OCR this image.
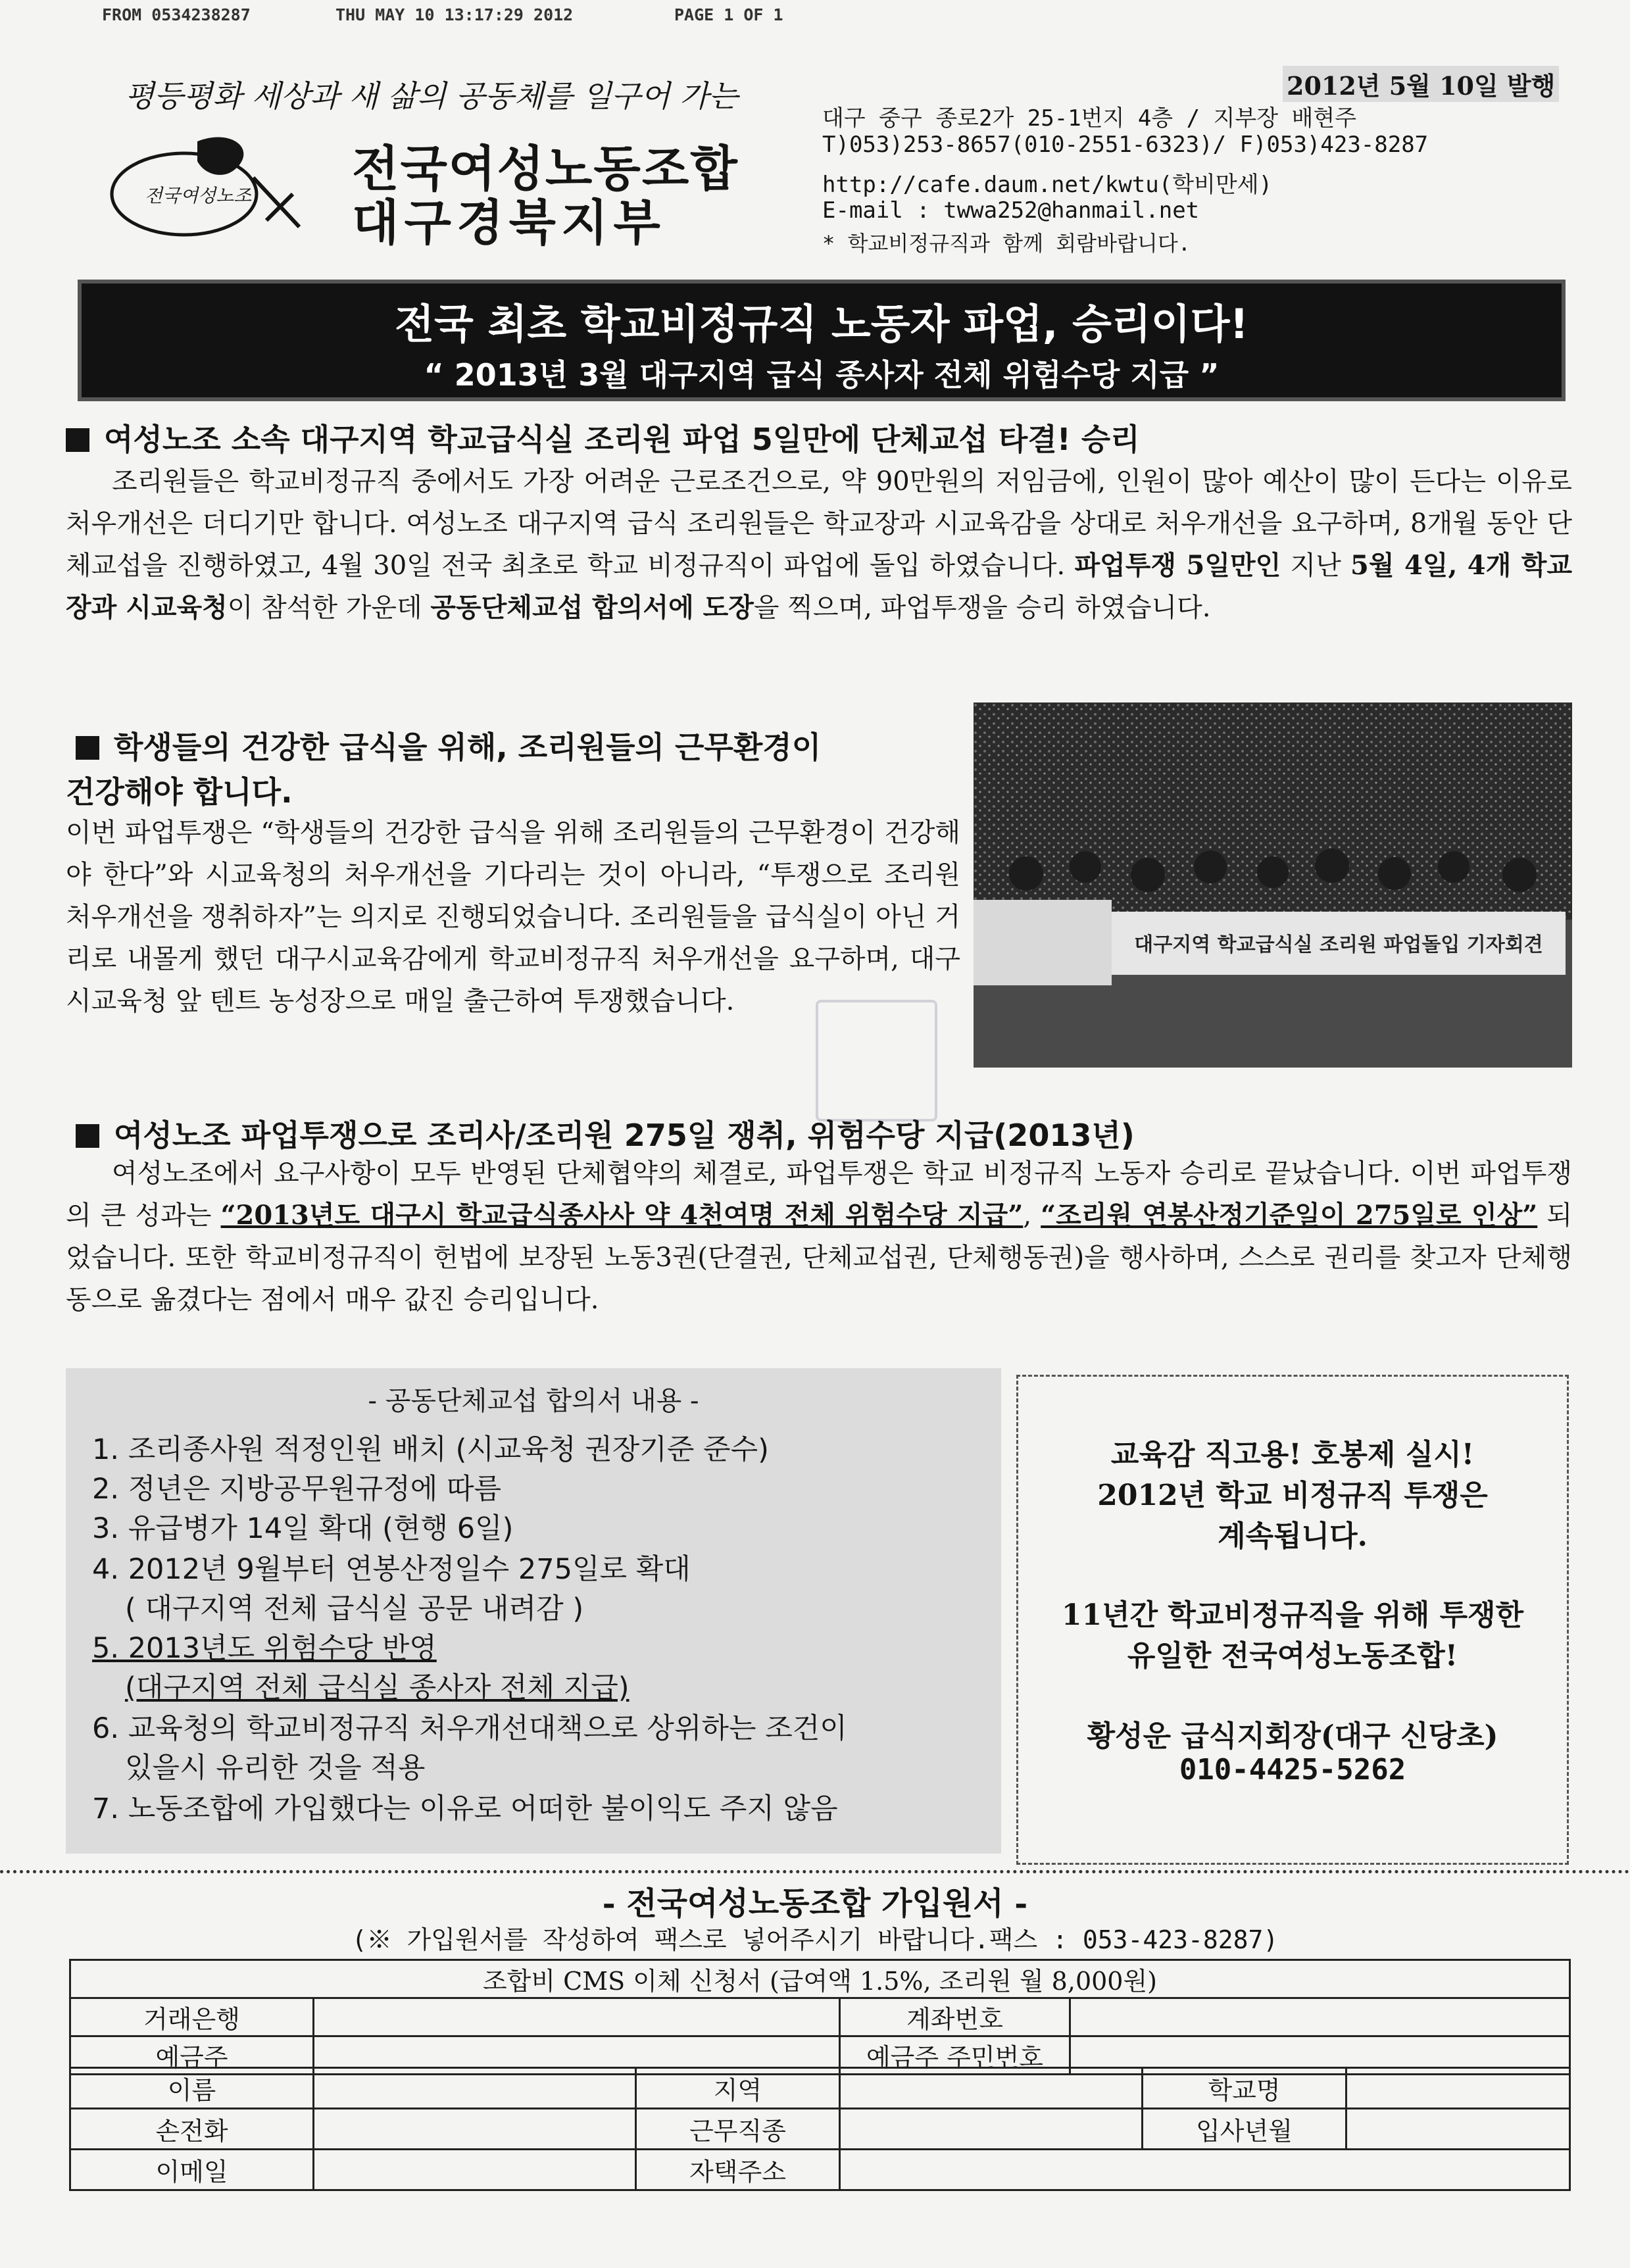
FROM 0534238287	THU MAY 10 13:17:29 2012	PAGE 1 OF 1
평등평화 세상과 새 삶의 공동체를 일구어 가는
전국여성노조 전국여성노동조합
대구경북지부
2012년 5월 10일 발행
대구 중구 종로2가 25-1번지 4층 / 지부장 배현주
T)053)253-8657(010-2551-6323)/ F)053)423-8287
http://cafe.daum.net/kwtu(학비만세)
E-mail : twwa252@hanmail.net
* 학교비정규직과 함께 회람바랍니다.
전국 최초 학교비정규직 노동자 파업, 승리이다!
“ 2013년 3월 대구지역 급식 종사자 전체 위험수당 지급 ”
여성노조 소속 대구지역 학교급식실 조리원 파업 5일만에 단체교섭 타결! 승리
조리원들은 학교비정규직 중에서도 가장 어려운 근로조건으로, 약 90만원의 저임금에, 인원이 많아 예산이 많이 든다는 이유로 처우개선은 더디기만 합니다. 여성노조 대구지역 급식 조리원들은 학교장과 시교육감을 상대로 처우개선을 요구하며, 8개월 동안 단체교섭을 진행하였고, 4월 30일 전국 최초로 학교 비정규직이 파업에 돌입 하였습니다. 파업투쟁 5일만인 지난 5월 4일, 4개 학교장과 시교육청이 참석한 가운데 공동단체교섭 합의서에 도장을 찍으며, 파업투쟁을 승리 하였습니다.
학생들의 건강한 급식을 위해, 조리원들의 근무환경이
건강해야 합니다.
이번 파업투쟁은 “학생들의 건강한 급식을 위해 조리원들의 근무환경이 건강해야 한다”와 시교육청의 처우개선을 기다리는 것이 아니라, “투쟁으로 조리원 처우개선을 쟁취하자”는 의지로 진행되었습니다. 조리원들을 급식실이 아닌 거리로 내몰게 했던 대구시교육감에게 학교비정규직 처우개선을 요구하며, 대구시교육청 앞 텐트 농성장으로 매일 출근하여 투쟁했습니다.
대구지역 학교급식실 조리원 파업돌입 기자회견
여성노조 파업투쟁으로 조리사/조리원 275일 쟁취, 위험수당 지급(2013년)
여성노조에서 요구사항이 모두 반영된 단체협약의 체결로, 파업투쟁은 학교 비정규직 노동자 승리로 끝났습니다. 이번 파업투쟁의 큰 성과는 “2013년도 대구시 학교급식종사사 약 4천여명 전체 위험수당 지급”, “조리원 연봉산정기준일이 275일로 인상” 되었습니다. 또한 학교비정규직이 헌법에 보장된 노동3권(단결권, 단체교섭권, 단체행동권)을 행사하며, 스스로 권리를 찾고자 단체행동으로 옮겼다는 점에서 매우 값진 승리입니다.
- 공동단체교섭 합의서 내용 -
1. 조리종사원 적정인원 배치 (시교육청 권장기준 준수)
2. 정년은 지방공무원규정에 따름
3. 유급병가 14일 확대 (현행 6일)
4. 2012년 9월부터 연봉산정일수 275일로 확대
( 대구지역 전체 급식실 공문 내려감 )
5. 2013년도 위험수당 반영
(대구지역 전체 급식실 종사자 전체 지급)
6. 교육청의 학교비정규직 처우개선대책으로 상위하는 조건이
있을시 유리한 것을 적용
7. 노동조합에 가입했다는 이유로 어떠한 불이익도 주지 않음
교육감 직고용! 호봉제 실시!
2012년 학교 비정규직 투쟁은
계속됩니다.
11년간 학교비정규직을 위해 투쟁한
유일한 전국여성노동조합!
황성운 급식지회장(대구 신당초)
010-4425-5262
- 전국여성노동조합 가입원서 -
(※ 가입원서를 작성하여 팩스로 넣어주시기 바랍니다.팩스 : 053-423-8287)
조합비 CMS 이체 신청서 (급여액 1.5%, 조리원 월 8,000원)			
거래은행		계좌번호	
예금주		예금주 주민번호	
이름		지역		학교명	
손전화		근무직종		입사년월	
이메일		자택주소			
